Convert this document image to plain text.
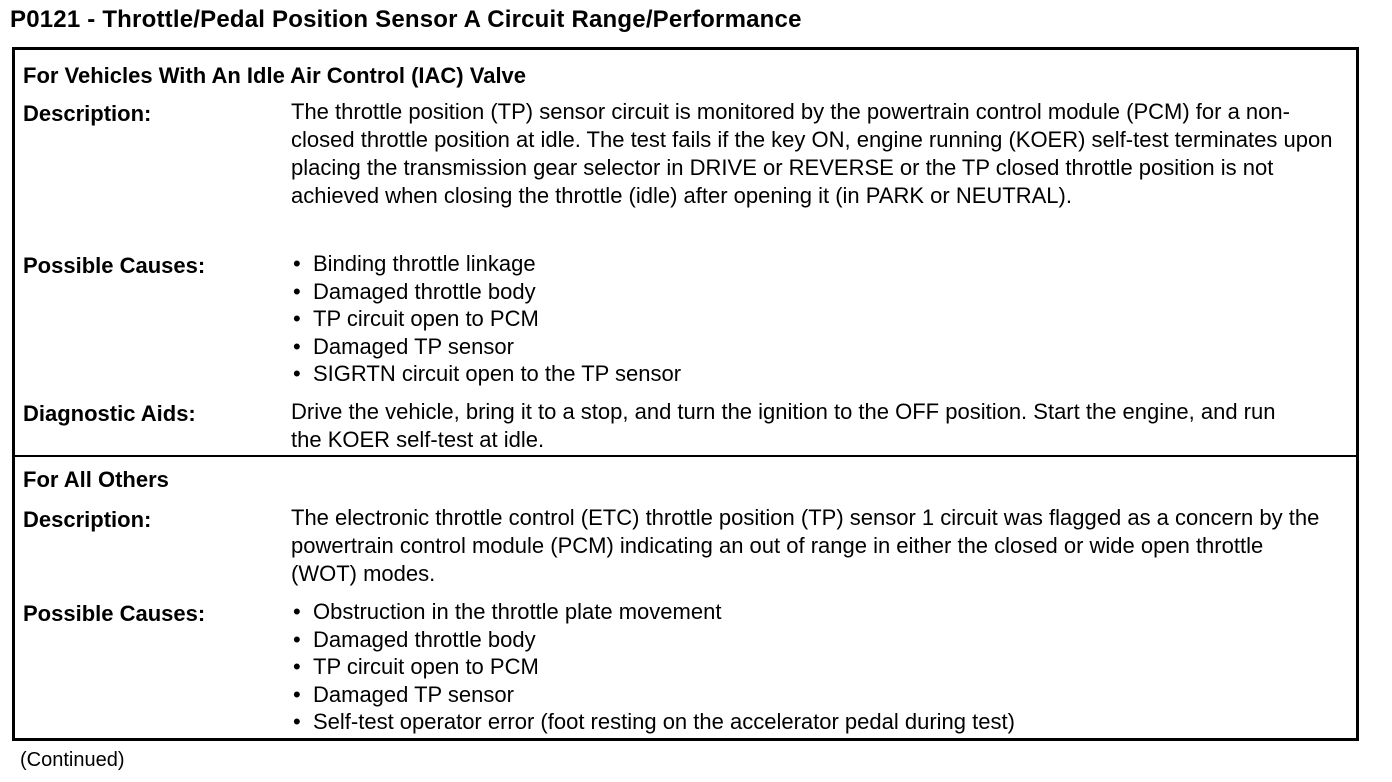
P0121 - Throttle/Pedal Position Sensor A Circuit Range/Performance
For Vehicles With An Idle Air Control (IAC) Valve
Description:	The throttle position (TP) sensor circuit is monitored by the powertrain control module (PCM) for a non-closed throttle position at idle. The test fails if the key ON, engine running (KOER) self-test terminates upon placing the transmission gear selector in DRIVE or REVERSE or the TP closed throttle position is not achieved when closing the throttle (idle) after opening it (in PARK or NEUTRAL).

Possible Causes:	• Binding throttle linkage
• Damaged throttle body
• TP circuit open to PCM
• Damaged TP sensor
• SIGRTN circuit open to the TP sensor
Diagnostic Aids:	Drive the vehicle, bring it to a stop, and turn the ignition to the OFF position. Start the engine, and run the KOER self-test at idle.

For All Others
Description:	The electronic throttle control (ETC) throttle position (TP) sensor 1 circuit was flagged as a concern by the powertrain control module (PCM) indicating an out of range in either the closed or wide open throttle (WOT) modes.

Possible Causes:	• Obstruction in the throttle plate movement
• Damaged throttle body
• TP circuit open to PCM
• Damaged TP sensor
• Self-test operator error (foot resting on the accelerator pedal during test)
(Continued)
